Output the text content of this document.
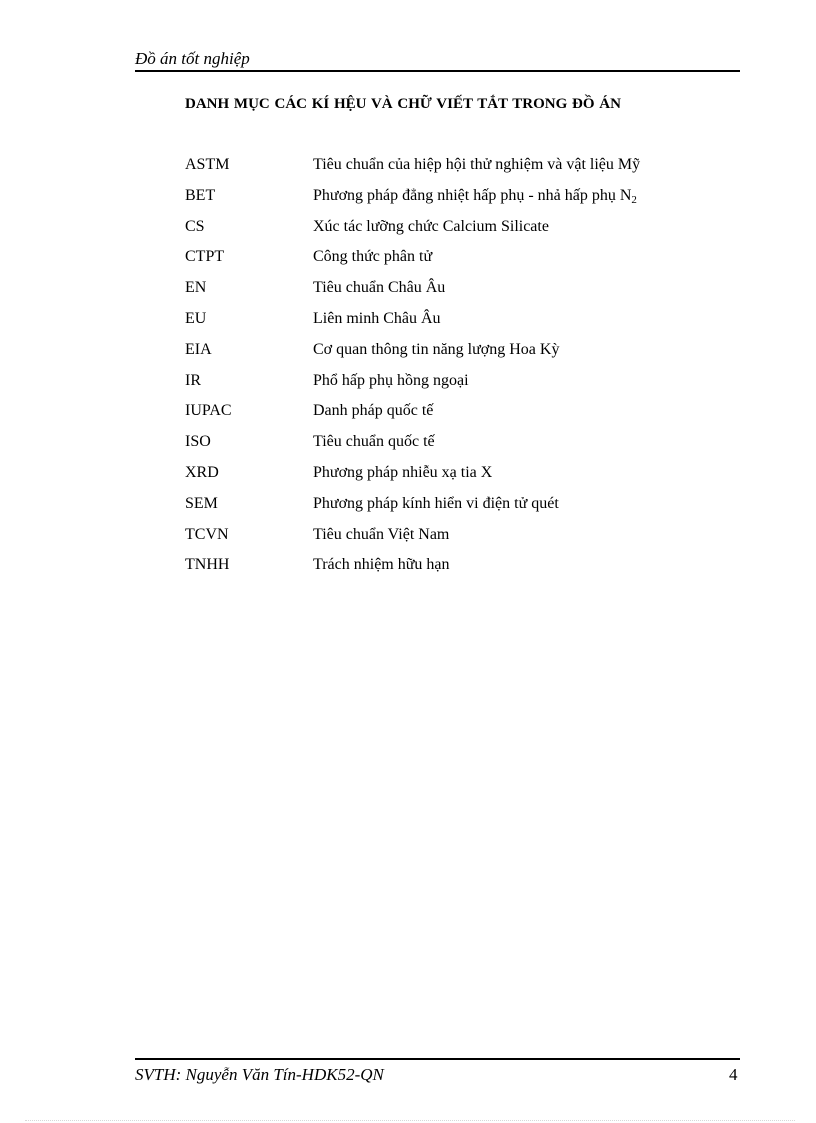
Đồ án tốt nghiệp
DANH MỤC CÁC KÍ HỆU VÀ CHỮ VIẾT TẮT TRONG ĐỒ ÁN
ASTM	Tiêu chuẩn của hiệp hội thử nghiệm và vật liệu Mỹ
BET	Phương pháp đẳng nhiệt hấp phụ - nhả hấp phụ $N_2$
CS	Xúc tác lưỡng chức Calcium Silicate
CTPT	Công thức phân tử
EN	Tiêu chuẩn Châu Âu
EU	Liên minh Châu Âu
EIA	Cơ quan thông tin năng lượng Hoa Kỳ
IR	Phổ hấp phụ hồng ngoại
IUPAC	Danh pháp quốc tế
ISO	Tiêu chuẩn quốc tế
XRD	Phương pháp nhiễu xạ tia X
SEM	Phương pháp kính hiển vi điện tử quét
TCVN	Tiêu chuẩn Việt Nam
TNHH	Trách nhiệm hữu hạn
SVTH: Nguyễn Văn Tín-HDK52-QN	4
